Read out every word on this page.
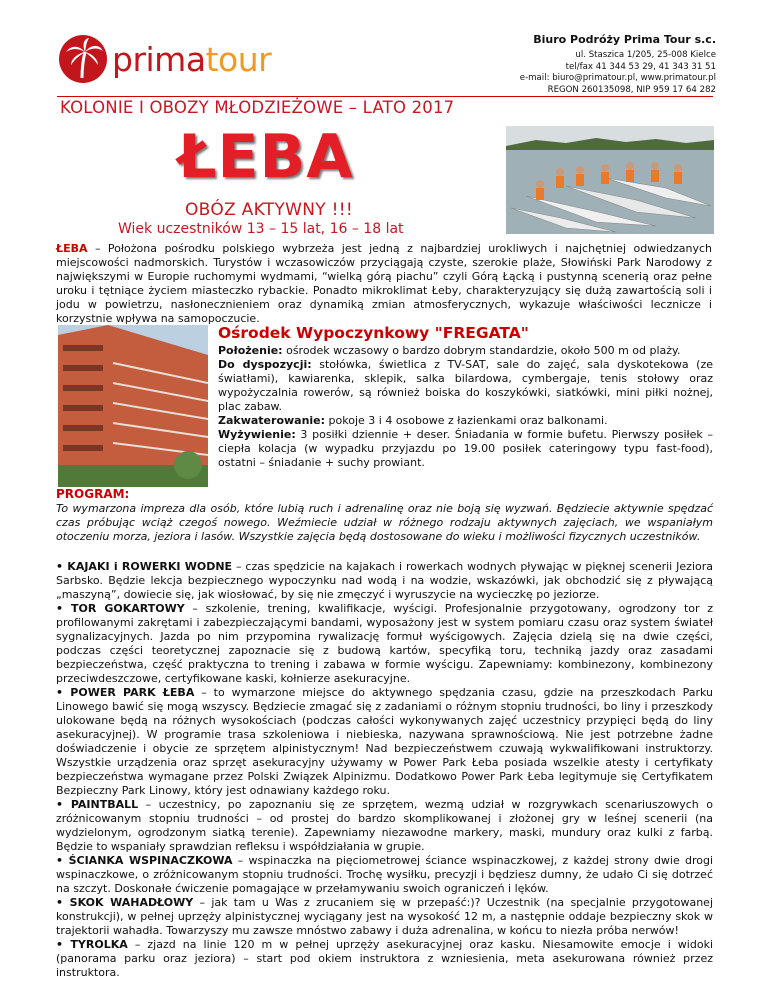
primatour
Biuro Podróży Prima Tour s.c.
ul. Staszica 1/205, 25-008 Kielce
tel/fax 41 344 53 29, 41 343 31 51
e-mail: biuro@primatour.pl, www.primatour.pl
REGON 260135098, NIP 959 17 64 282
KOLONIE I OBOZY MŁODZIEŻOWE – LATO 2017
ŁEBA
OBÓZ AKTYWNY !!!
Wiek uczestników 13 – 15 lat, 16 – 18 lat
ŁEBA – Położona pośrodku polskiego wybrzeża jest jedną z najbardziej urokliwych i najchętniej odwiedzanych miejscowości nadmorskich. Turystów i wczasowiczów przyciągają czyste, szerokie plaże, Słowiński Park Narodowy z największymi w Europie ruchomymi wydmami, “wielką górą piachu” czyli Górą Łącką i pustynną scenerią oraz pełne uroku i tętniące życiem miasteczko rybackie. Ponadto mikroklimat Łeby, charakteryzujący się dużą zawartością soli i jodu w powietrzu, nasłonecznieniem oraz dynamiką zmian atmosferycznych, wykazuje właściwości lecznicze i korzystnie wpływa na samopoczucie.
Ośrodek Wypoczynkowy "FREGATA"
Położenie: ośrodek wczasowy o bardzo dobrym standardzie, około 500 m od plaży.
Do dyspozycji: stołówka, świetlica z TV-SAT, sale do zajęć, sala dyskotekowa (ze światłami), kawiarenka, sklepik, salka bilardowa, cymbergaje, tenis stołowy oraz wypożyczalnia rowerów, są również boiska do koszykówki, siatkówki, mini piłki nożnej, plac zabaw.
Zakwaterowanie: pokoje 3 i 4 osobowe z łazienkami oraz balkonami.
Wyżywienie: 3 posiłki dziennie + deser. Śniadania w formie bufetu. Pierwszy posiłek – ciepła kolacja (w wypadku przyjazdu po 19.00 posiłek cateringowy typu fast-food), ostatni – śniadanie + suchy prowiant.
PROGRAM:
To wymarzona impreza dla osób, które lubią ruch i adrenalinę oraz nie boją się wyzwań. Będziecie aktywnie spędzać czas próbując wciąż czegoś nowego. Weźmiecie udział w różnego rodzaju aktywnych zajęciach, we wspaniałym otoczeniu morza, jeziora i lasów. Wszystkie zajęcia będą dostosowane do wieku i możliwości fizycznych uczestników.

• KAJAKI i ROWERKI WODNE – czas spędzicie na kajakach i rowerkach wodnych pływając w pięknej scenerii Jeziora Sarbsko. Będzie lekcja bezpiecznego wypoczynku nad wodą i na wodzie, wskazówki, jak obchodzić się z pływającą „maszyną”, dowiecie się, jak wiosłować, by się nie zmęczyć i wyruszycie na wycieczkę po jeziorze.

• TOR GOKARTOWY – szkolenie, trening, kwalifikacje, wyścigi. Profesjonalnie przygotowany, ogrodzony tor z profilowanymi zakrętami i zabezpieczającymi bandami, wyposażony jest w system pomiaru czasu oraz system świateł sygnalizacyjnych. Jazda po nim przypomina rywalizację formuł wyścigowych. Zajęcia dzielą się na dwie części, podczas części teoretycznej zapoznacie się z budową kartów, specyfiką toru, techniką jazdy oraz zasadami bezpieczeństwa, część praktyczna to trening i zabawa w formie wyścigu. Zapewniamy: kombinezony, kombinezony przeciwdeszczowe, certyfikowane kaski, kołnierze asekuracyjne.

• POWER PARK ŁEBA – to wymarzone miejsce do aktywnego spędzania czasu, gdzie na przeszkodach Parku Linowego bawić się mogą wszyscy. Będziecie zmagać się z zadaniami o różnym stopniu trudności, bo liny i przeszkody ulokowane będą na różnych wysokościach (podczas całości wykonywanych zajęć uczestnicy przypięci będą do liny asekuracyjnej). W programie trasa szkoleniowa i niebieska, nazywana sprawnościową. Nie jest potrzebne żadne doświadczenie i obycie ze sprzętem alpinistycznym! Nad bezpieczeństwem czuwają wykwalifikowani instruktorzy. Wszystkie urządzenia oraz sprzęt asekuracyjny używamy w Power Park Łeba posiada wszelkie atesty i certyfikaty bezpieczeństwa wymagane przez Polski Związek Alpinizmu. Dodatkowo Power Park Łeba legitymuje się Certyfikatem Bezpieczny Park Linowy, który jest odnawiany każdego roku.

• PAINTBALL – uczestnicy, po zapoznaniu się ze sprzętem, wezmą udział w rozgrywkach scenariuszowych o zróżnicowanym stopniu trudności – od prostej do bardzo skomplikowanej i złożonej gry w leśnej scenerii (na wydzielonym, ogrodzonym siatką terenie). Zapewniamy niezawodne markery, maski, mundury oraz kulki z farbą. Będzie to wspaniały sprawdzian refleksu i współdziałania w grupie.

• ŚCIANKA WSPINACZKOWA – wspinaczka na pięciometrowej ściance wspinaczkowej, z każdej strony dwie drogi wspinaczkowe, o zróżnicowanym stopniu trudności. Trochę wysiłku, precyzji i będziesz dumny, że udało Ci się dotrzeć na szczyt. Doskonałe ćwiczenie pomagające w przełamywaniu swoich ograniczeń i lęków.

• SKOK WAHADŁOWY – jak tam u Was z zrucaniem się w przepaść:)? Uczestnik (na specjalnie przygotowanej konstrukcji), w pełnej uprzęży alpinistycznej wyciągany jest na wysokość 12 m, a następnie oddaje bezpieczny skok w trajektorii wahadła. Towarzyszy mu zawsze mnóstwo zabawy i duża adrenalina, w końcu to niezła próba nerwów!

• TYROLKA – zjazd na linie 120 m w pełnej uprzęży asekuracyjnej oraz kasku. Niesamowite emocje i widoki (panorama parku oraz jeziora) – start pod okiem instruktora z wzniesienia, meta asekurowana również przez instruktora.
